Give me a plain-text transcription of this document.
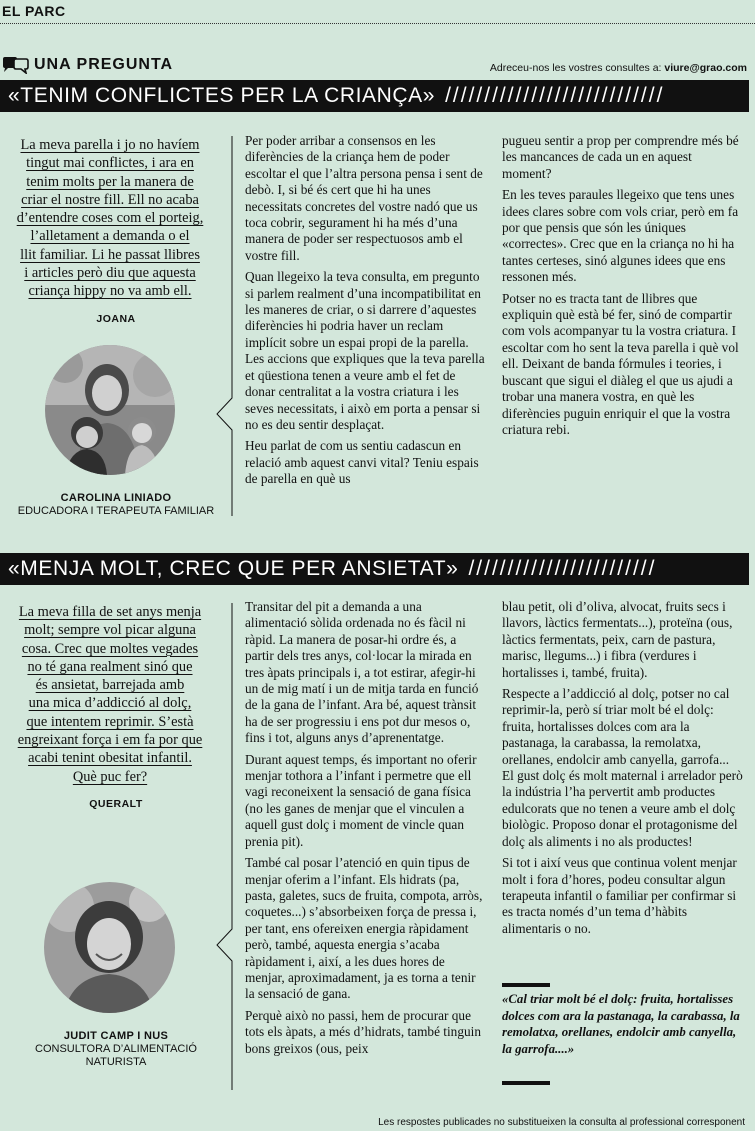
EL PARC
UNA PREGUNTA	Adreceu-nos les vostres consultes a: viure@grao.com
«TENIM CONFLICTES PER LA CRIANÇA» ////////////////////////////
La meva parella i jo no havíem
tingut mai conflictes, i ara en
tenim molts per la manera de
criar el nostre fill. Ell no acaba
d’entendre coses com el porteig,
l’alletament a demanda o el
llit familiar. Li he passat llibres
i articles però diu que aquesta
criança hippy no va amb ell.
JOANA
CAROLINA LINIADO
EDUCADORA I TERAPEUTA FAMILIAR

Per poder arribar a consensos en les diferències de la criança hem de poder escoltar el que l’altra persona pensa i sent de debò. I, si bé és cert que hi ha unes necessitats concretes del vostre nadó que us toca cobrir, segurament hi ha més d’una manera de poder ser respectuosos amb el vostre fill.

Quan llegeixo la teva consulta, em pregunto si parlem realment d’una incompatibilitat en les maneres de criar, o si darrere d’aquestes diferències hi podria haver un reclam implícit sobre un espai propi de la parella. Les accions que expliques que la teva parella et qüestiona tenen a veure amb el fet de donar centralitat a la vostra criatura i les seves necessitats, i això em porta a pensar si no es deu sentir desplaçat.

Heu parlat de com us sentiu cadascun en relació amb aquest canvi vital? Teniu espais de parella en què us

pugueu sentir a prop per comprendre més bé les mancances de cada un en aquest moment?

En les teves paraules llegeixo que tens unes idees clares sobre com vols criar, però em fa por que pensis que són les úniques «correctes». Crec que en la criança no hi ha tantes certeses, sinó algunes idees que ens ressonen més.

Potser no es tracta tant de llibres que expliquin què està bé fer, sinó de compartir com vols acompanyar tu la vostra criatura. I escoltar com ho sent la teva parella i què vol ell. Deixant de banda fórmules i teories, i buscant que sigui el diàleg el que us ajudi a trobar una manera vostra, en què les diferències puguin enriquir el que la vostra criatura rebi.

«MENJA MOLT, CREC QUE PER ANSIETAT» ////////////////////////
La meva filla de set anys menja
molt; sempre vol picar alguna
cosa. Crec que moltes vegades
no té gana realment sinó que
és ansietat, barrejada amb
una mica d’addicció al dolç,
que intentem reprimir. S’està
engreixant força i em fa por que
acabi tenint obesitat infantil.
Què puc fer?
QUERALT
JUDIT CAMP I NUS
CONSULTORA D’ALIMENTACIÓ
NATURISTA

Transitar del pit a demanda a una alimentació sòlida ordenada no és fàcil ni ràpid. La manera de posar-hi ordre és, a partir dels tres anys, col·locar la mirada en tres àpats principals i, a tot estirar, afegir-hi un de mig matí i un de mitja tarda en funció de la gana de l’infant. Ara bé, aquest trànsit ha de ser progressiu i ens pot dur mesos o, fins i tot, alguns anys d’aprenentatge.

Durant aquest temps, és important no oferir menjar tothora a l’infant i permetre que ell vagi reconeixent la sensació de gana física (no les ganes de menjar que el vinculen a aquell gust dolç i moment de vincle quan prenia pit).

També cal posar l’atenció en quin tipus de menjar oferim a l’infant. Els hidrats (pa, pasta, galetes, sucs de fruita, compota, arròs, coquetes...) s’absorbeixen força de pressa i, per tant, ens ofereixen energia ràpidament però, també, aquesta energia s’acaba ràpidament i, així, a les dues hores de menjar, aproximadament, ja es torna a tenir la sensació de gana.

Perquè això no passi, hem de procurar que tots els àpats, a més d’hidrats, també tinguin bons greixos (ous, peix

blau petit, oli d’oliva, alvocat, fruits secs i llavors, làctics fermentats...), proteïna (ous, làctics fermentats, peix, carn de pastura, marisc, llegums...) i fibra (verdures i hortalisses i, també, fruita).

Respecte a l’addicció al dolç, potser no cal reprimir-la, però sí triar molt bé el dolç: fruita, hortalisses dolces com ara la pastanaga, la carabassa, la remolatxa, orellanes, endolcir amb canyella, garrofa... El gust dolç és molt maternal i arrelador però la indústria l’ha pervertit amb productes edulcorats que no tenen a veure amb el dolç biològic. Proposo donar el protagonisme del dolç als aliments i no als productes!

Si tot i així veus que continua volent menjar molt i fora d’hores, podeu consultar algun terapeuta infantil o familiar per confirmar si es tracta només d’un tema d’hàbits alimentaris o no.

«Cal triar molt bé el dolç: fruita, hortalisses dolces com ara la pastanaga, la carabassa, la remolatxa, orellanes, endolcir amb canyella, la garrofa....»
Les respostes publicades no substitueixen la consulta al professional corresponent
